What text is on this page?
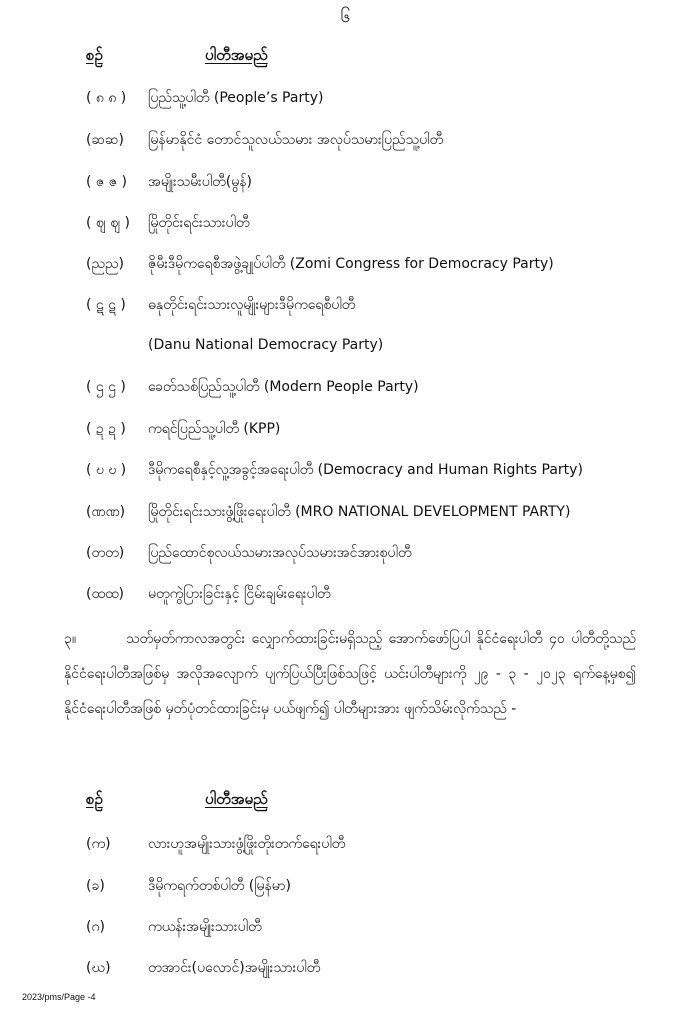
၆
စဉ်	ပါတီအမည်
( ၈ ၈ )	ပြည်သူ့ပါတီ (People’s Party)
(ဆဆ)	မြန်မာနိုင်ငံ တောင်သူလယ်သမား အလုပ်သမားပြည်သူ့ပါတီ
( ဇ ဇ )	အမျိုးသမီးပါတီ(မွန်)
( ဈ ဈ )	မြိုတိုင်းရင်းသားပါတီ
(ညည)	ဇိုမီးဒီမိုကရေစီအဖွဲ့ချုပ်ပါတီ (Zomi Congress for Democracy Party)
( ဋ ဋ )	ဓနုတိုင်းရင်းသားလူမျိုးများဒီမိုကရေစီပါတီ
(Danu National Democracy Party)
( ဌ ဌ )	ခေတ်သစ်ပြည်သူ့ပါတီ (Modern People Party)
( ဍ ဍ )	ကရင်ပြည်သူ့ပါတီ (KPP)
( ဎ ဎ )	ဒီမိုကရေစီနှင့်လူ့အခွင့်အရေးပါတီ (Democracy and Human Rights Party)
(ဏဏ)	မြိုတိုင်းရင်းသားဖွံ့ဖြိုးရေးပါတီ (MRO NATIONAL DEVELOPMENT PARTY)
(တတ)	ပြည်ထောင်စုလယ်သမားအလုပ်သမားအင်အားစုပါတီ
(ထထ)	မတူကွဲပြားခြင်းနှင့် ငြိမ်းချမ်းရေးပါတီ
၃။	သတ်မှတ်ကာလအတွင်း လျှောက်ထားခြင်းမရှိသည့် အောက်ဖော်ပြပါ နိုင်ငံရေးပါတီ ၄၀ ပါတီတို့သည် နိုင်ငံရေးပါတီအဖြစ်မှ အလိုအလျောက် ပျက်ပြယ်ပြီးဖြစ်သဖြင့် ယင်းပါတီများကို ၂၉ - ၃ - ၂၀၂၃ ရက်နေ့မှစ၍ နိုင်ငံရေးပါတီအဖြစ် မှတ်ပုံတင်ထားခြင်းမှ ပယ်ဖျက်၍ ပါတီများအား ဖျက်သိမ်းလိုက်သည် -
စဉ်	ပါတီအမည်
(က)	လားဟူအမျိုးသားဖွံ့ဖြိုးတိုးတက်ရေးပါတီ
(ခ)	ဒီမိုကရက်တစ်ပါတီ (မြန်မာ)
(ဂ)	ကယန်းအမျိုးသားပါတီ
(ဃ)	တအာင်း(ပလောင်)အမျိုးသားပါတီ
2023/pms/Page -4
